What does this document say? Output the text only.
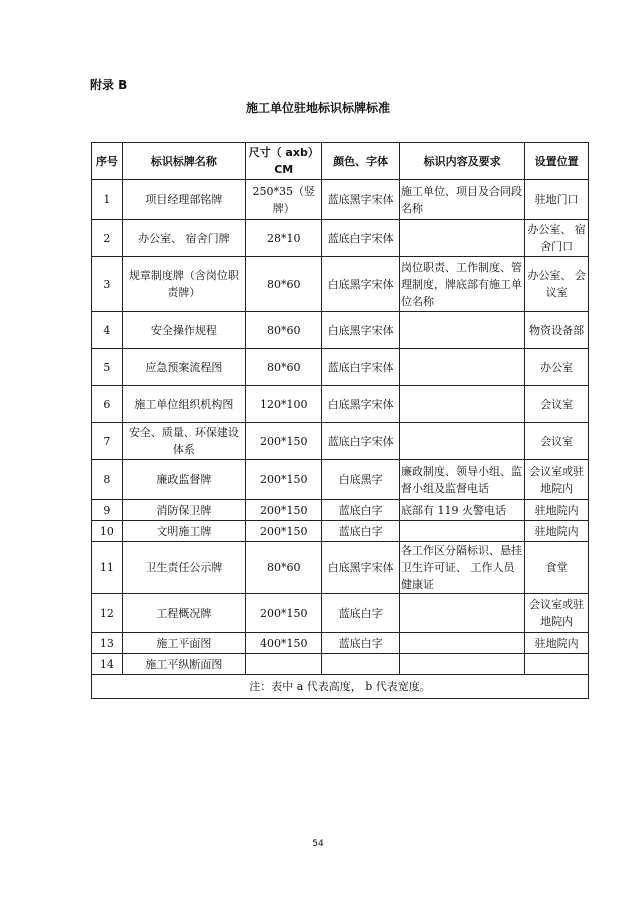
附录 B
施工单位驻地标识标牌标准
序号	标识标牌名称	尺寸（ axb）CM	颜色、字体	标识内容及要求	设置位置
1	项目经理部铭牌	250*35（竖牌）	蓝底黑字宋体	施工单位、项目及合同段名称	驻地门口
2	办公室、 宿舍门牌	28*10	蓝底白字宋体		办公室、 宿舍门口
3	规章制度牌（含岗位职责牌）	80*60	白底黑字宋体	岗位职责、工作制度、管理制度，牌底部有施工单 位名称	办公室、 会议室
4	安全操作规程	80*60	白底黑字宋体		物资设备部
5	应急预案流程图	80*60	蓝底白字宋体		办公室
6	施工单位组织机构图	120*100	白底黑字宋体		会议室
7	安全、质量、环保建设体系	200*150	蓝底白字宋体		会议室
8	廉政监督牌	200*150	白底黑字	廉政制度、领导小组、监督小组及监督电话	会议室或驻地院内
9	消防保卫牌	200*150	蓝底白字	底部有 119 火警电话	驻地院内
10	文明施工牌	200*150	蓝底白字		驻地院内
11	卫生责任公示牌	80*60	白底黑字宋体	各工作区分隔标识、悬挂卫生许可证、 工作人员健康证	食堂
12	工程概况牌	200*150	蓝底白字		会议室或驻地院内
13	施工平面图	400*150	蓝底白字		驻地院内
14	施工平纵断面图				
注：表中 a 代表高度， b 代表宽度。					
54
